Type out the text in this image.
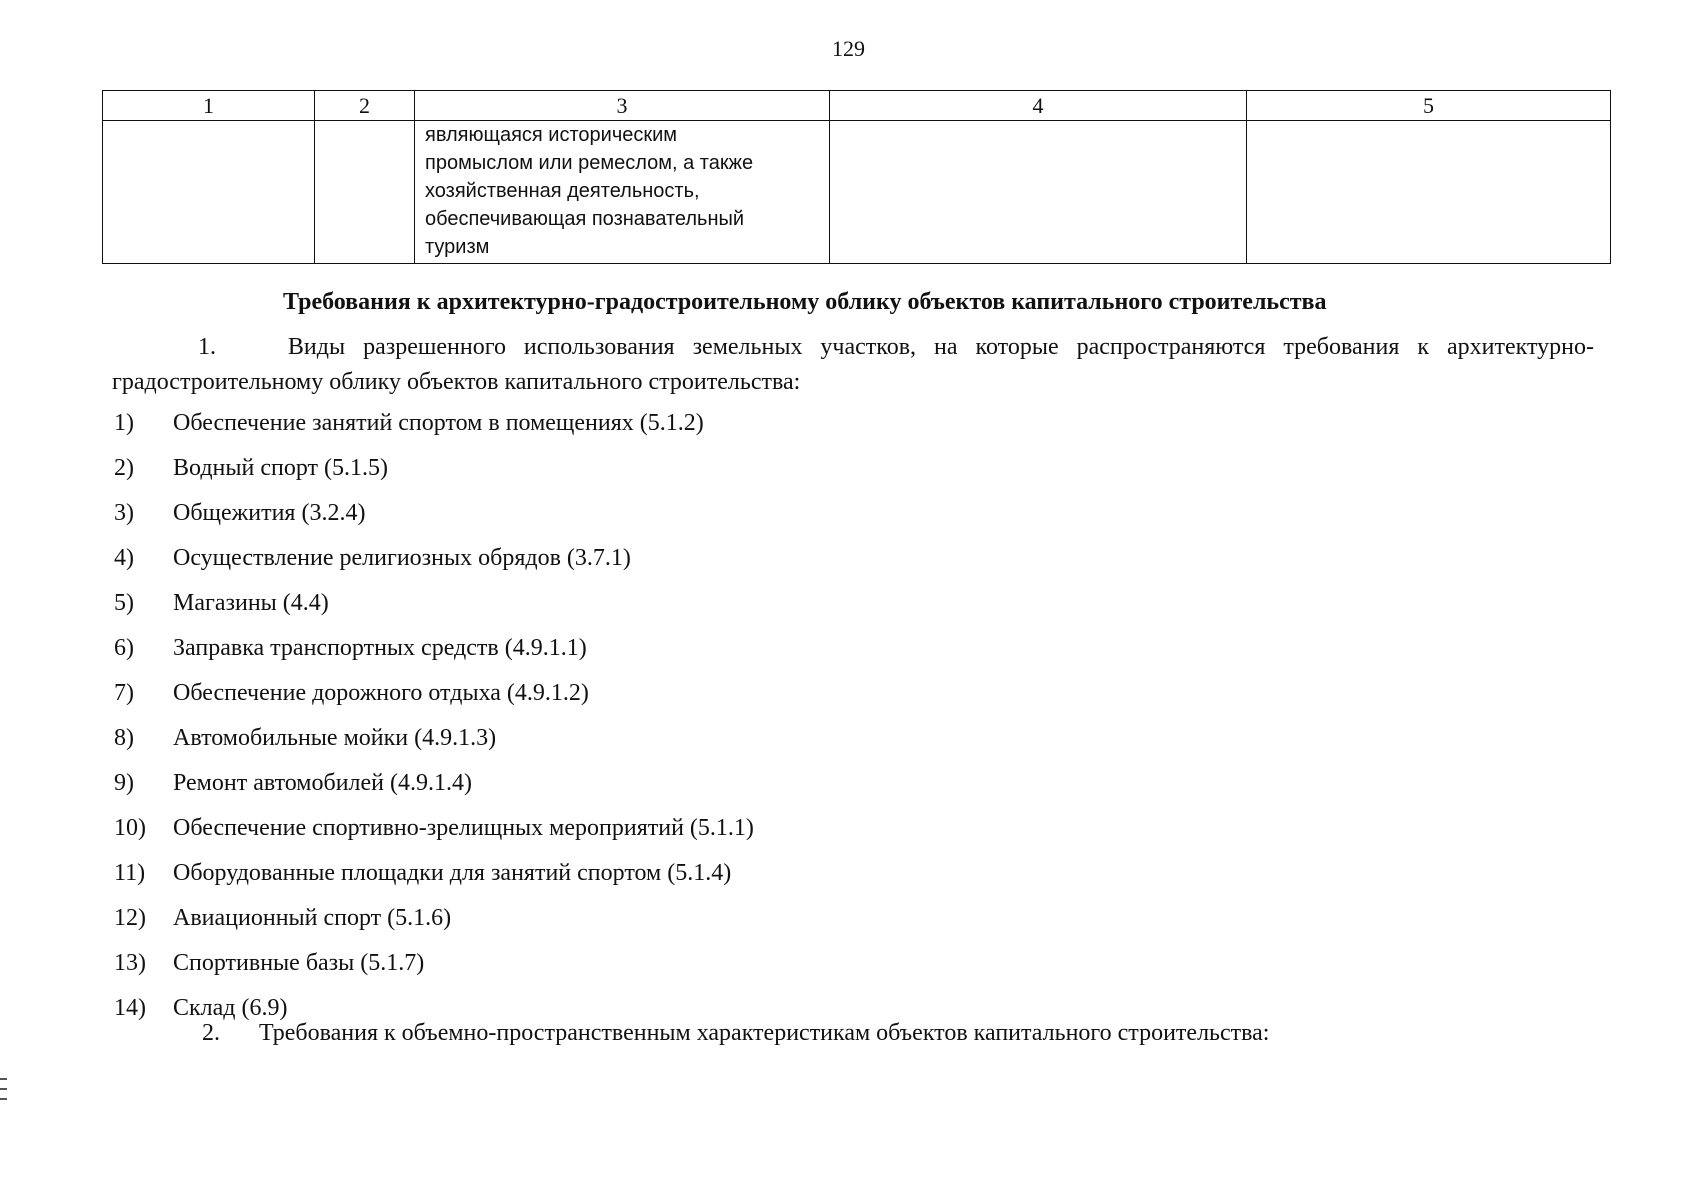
129
1	2	3	4	5

		являющаяся историческим
промыслом или ремеслом, а также
хозяйственная деятельность,
обеспечивающая познавательный
туризм		

Требования к архитектурно-градостроительному облику объектов капитального строительства
1.	Виды разрешенного использования земельных участков, на которые распространяются требования к архитектурно-градостроительному облику объектов капитального строительства:
1)	Обеспечение занятий спортом в помещениях (5.1.2)
2)	Водный спорт (5.1.5)
3)	Общежития (3.2.4)
4)	Осуществление религиозных обрядов (3.7.1)
5)	Магазины (4.4)
6)	Заправка транспортных средств (4.9.1.1)
7)	Обеспечение дорожного отдыха (4.9.1.2)
8)	Автомобильные мойки (4.9.1.3)
9)	Ремонт автомобилей (4.9.1.4)
10)	Обеспечение спортивно-зрелищных мероприятий (5.1.1)
11)	Оборудованные площадки для занятий спортом (5.1.4)
12)	Авиационный спорт (5.1.6)
13)	Спортивные базы (5.1.7)
14)	Склад (6.9)
2. Требования к объемно-пространственным характеристикам объектов капитального строительства:
